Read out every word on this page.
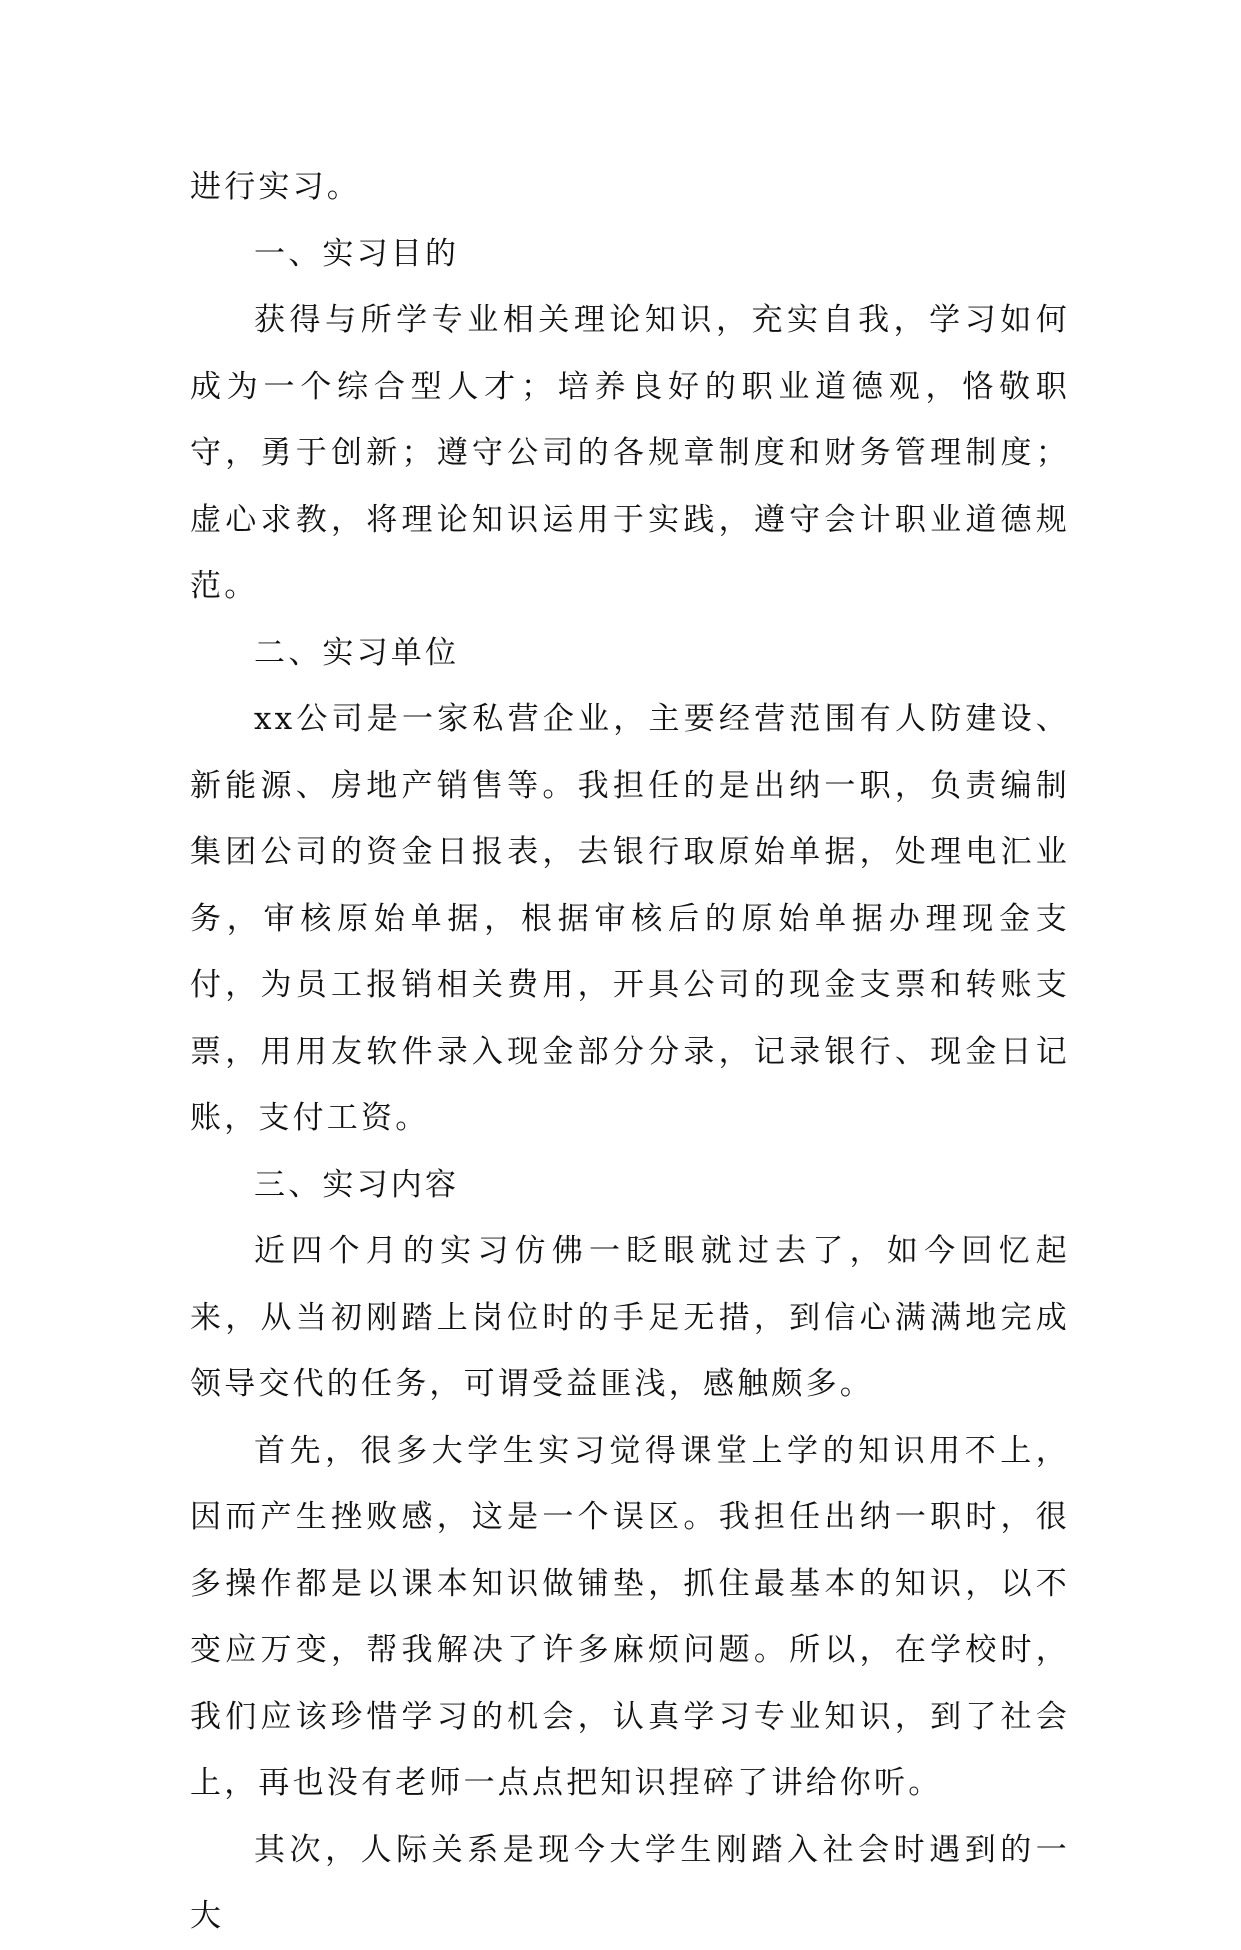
进行实习。

一、实习目的

获得与所学专业相关理论知识，充实自我，学习如何成为一个综合型人才；培养良好的职业道德观，恪敬职守，勇于创新；遵守公司的各规章制度和财务管理制度；虚心求教，将理论知识运用于实践，遵守会计职业道德规范。

二、实习单位

xx公司是一家私营企业，主要经营范围有人防建设、新能源、房地产销售等。我担任的是出纳一职，负责编制集团公司的资金日报表，去银行取原始单据，处理电汇业务，审核原始单据，根据审核后的原始单据办理现金支付，为员工报销相关费用，开具公司的现金支票和转账支票，用用友软件录入现金部分分录，记录银行、现金日记账，支付工资。

三、实习内容

近四个月的实习仿佛一眨眼就过去了，如今回忆起来，从当初刚踏上岗位时的手足无措，到信心满满地完成领导交代的任务，可谓受益匪浅，感触颇多。

首先，很多大学生实习觉得课堂上学的知识用不上，因而产生挫败感，这是一个误区。我担任出纳一职时，很多操作都是以课本知识做铺垫，抓住最基本的知识，以不变应万变，帮我解决了许多麻烦问题。所以，在学校时，我们应该珍惜学习的机会，认真学习专业知识，到了社会上，再也没有老师一点点把知识捏碎了讲给你听。

其次，人际关系是现今大学生刚踏入社会时遇到的一大
